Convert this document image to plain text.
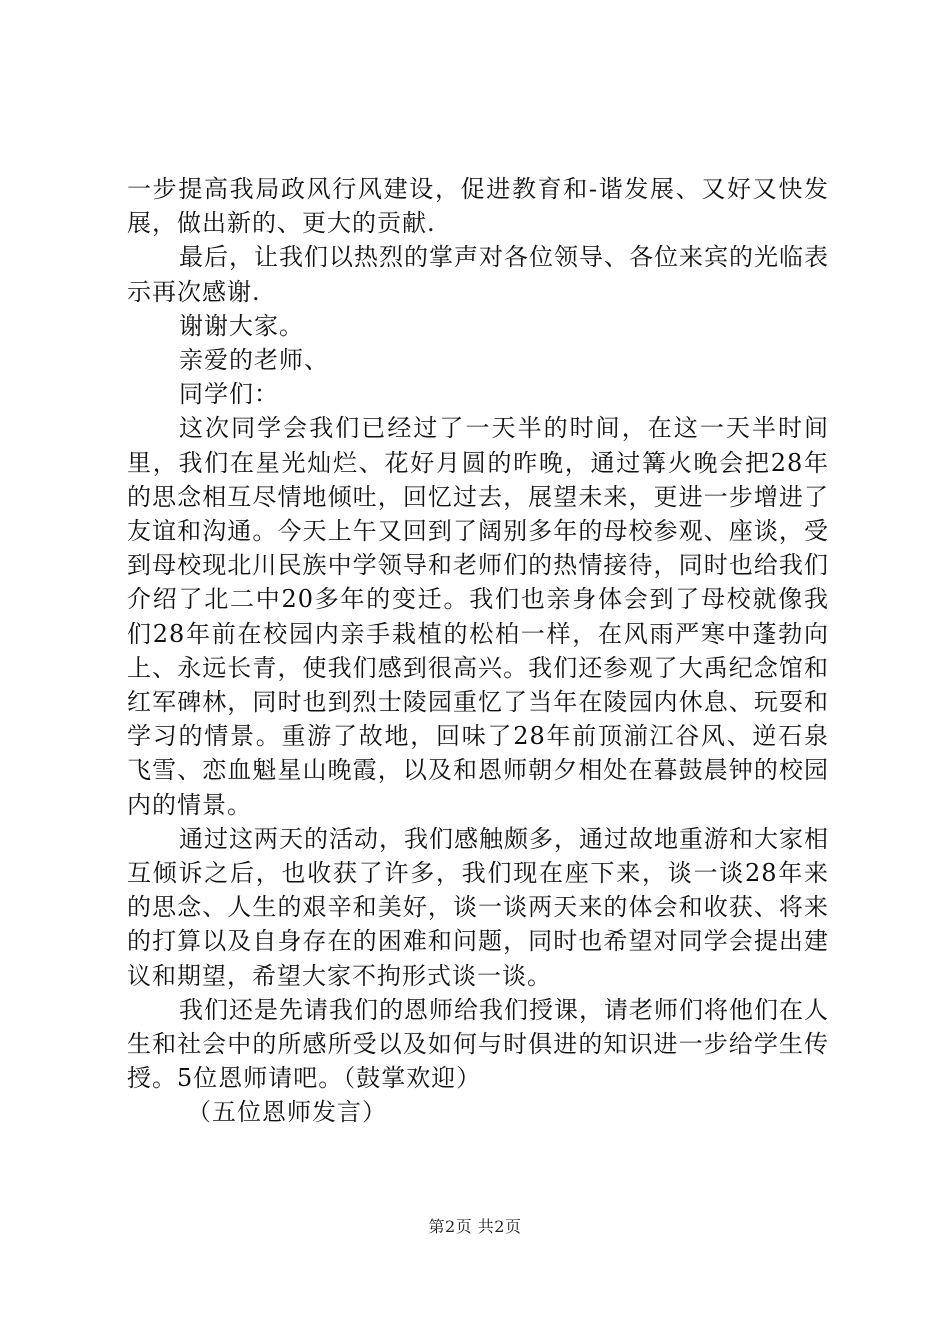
一步提高我局政风行风建设，促进教育和-谐发展、又好又快发展，做出新的、更大的贡献.

最后，让我们以热烈的掌声对各位领导、各位来宾的光临表示再次感谢.

谢谢大家。

亲爱的老师、

同学们：

这次同学会我们已经过了一天半的时间，在这一天半时间里，我们在星光灿烂、花好月圆的昨晚，通过篝火晚会把28年的思念相互尽情地倾吐，回忆过去，展望未来，更进一步增进了友谊和沟通。今天上午又回到了阔别多年的母校参观、座谈，受到母校现北川民族中学领导和老师们的热情接待，同时也给我们介绍了北二中20多年的变迁。我们也亲身体会到了母校就像我们28年前在校园内亲手栽植的松柏一样，在风雨严寒中蓬勃向上、永远长青，使我们感到很高兴。我们还参观了大禹纪念馆和红军碑林，同时也到烈士陵园重忆了当年在陵园内休息、玩耍和学习的情景。重游了故地，回味了28年前顶湔江谷风、逆石泉飞雪、恋血魁星山晚霞，以及和恩师朝夕相处在暮鼓晨钟的校园内的情景。

通过这两天的活动，我们感触颇多，通过故地重游和大家相互倾诉之后，也收获了许多，我们现在座下来，谈一谈28年来的思念、人生的艰辛和美好，谈一谈两天来的体会和收获、将来的打算以及自身存在的困难和问题，同时也希望对同学会提出建议和期望，希望大家不拘形式谈一谈。

我们还是先请我们的恩师给我们授课，请老师们将他们在人生和社会中的所感所受以及如何与时俱进的知识进一步给学生传授。5位恩师请吧。（鼓掌欢迎）

（五位恩师发言）

第2页 共2页
